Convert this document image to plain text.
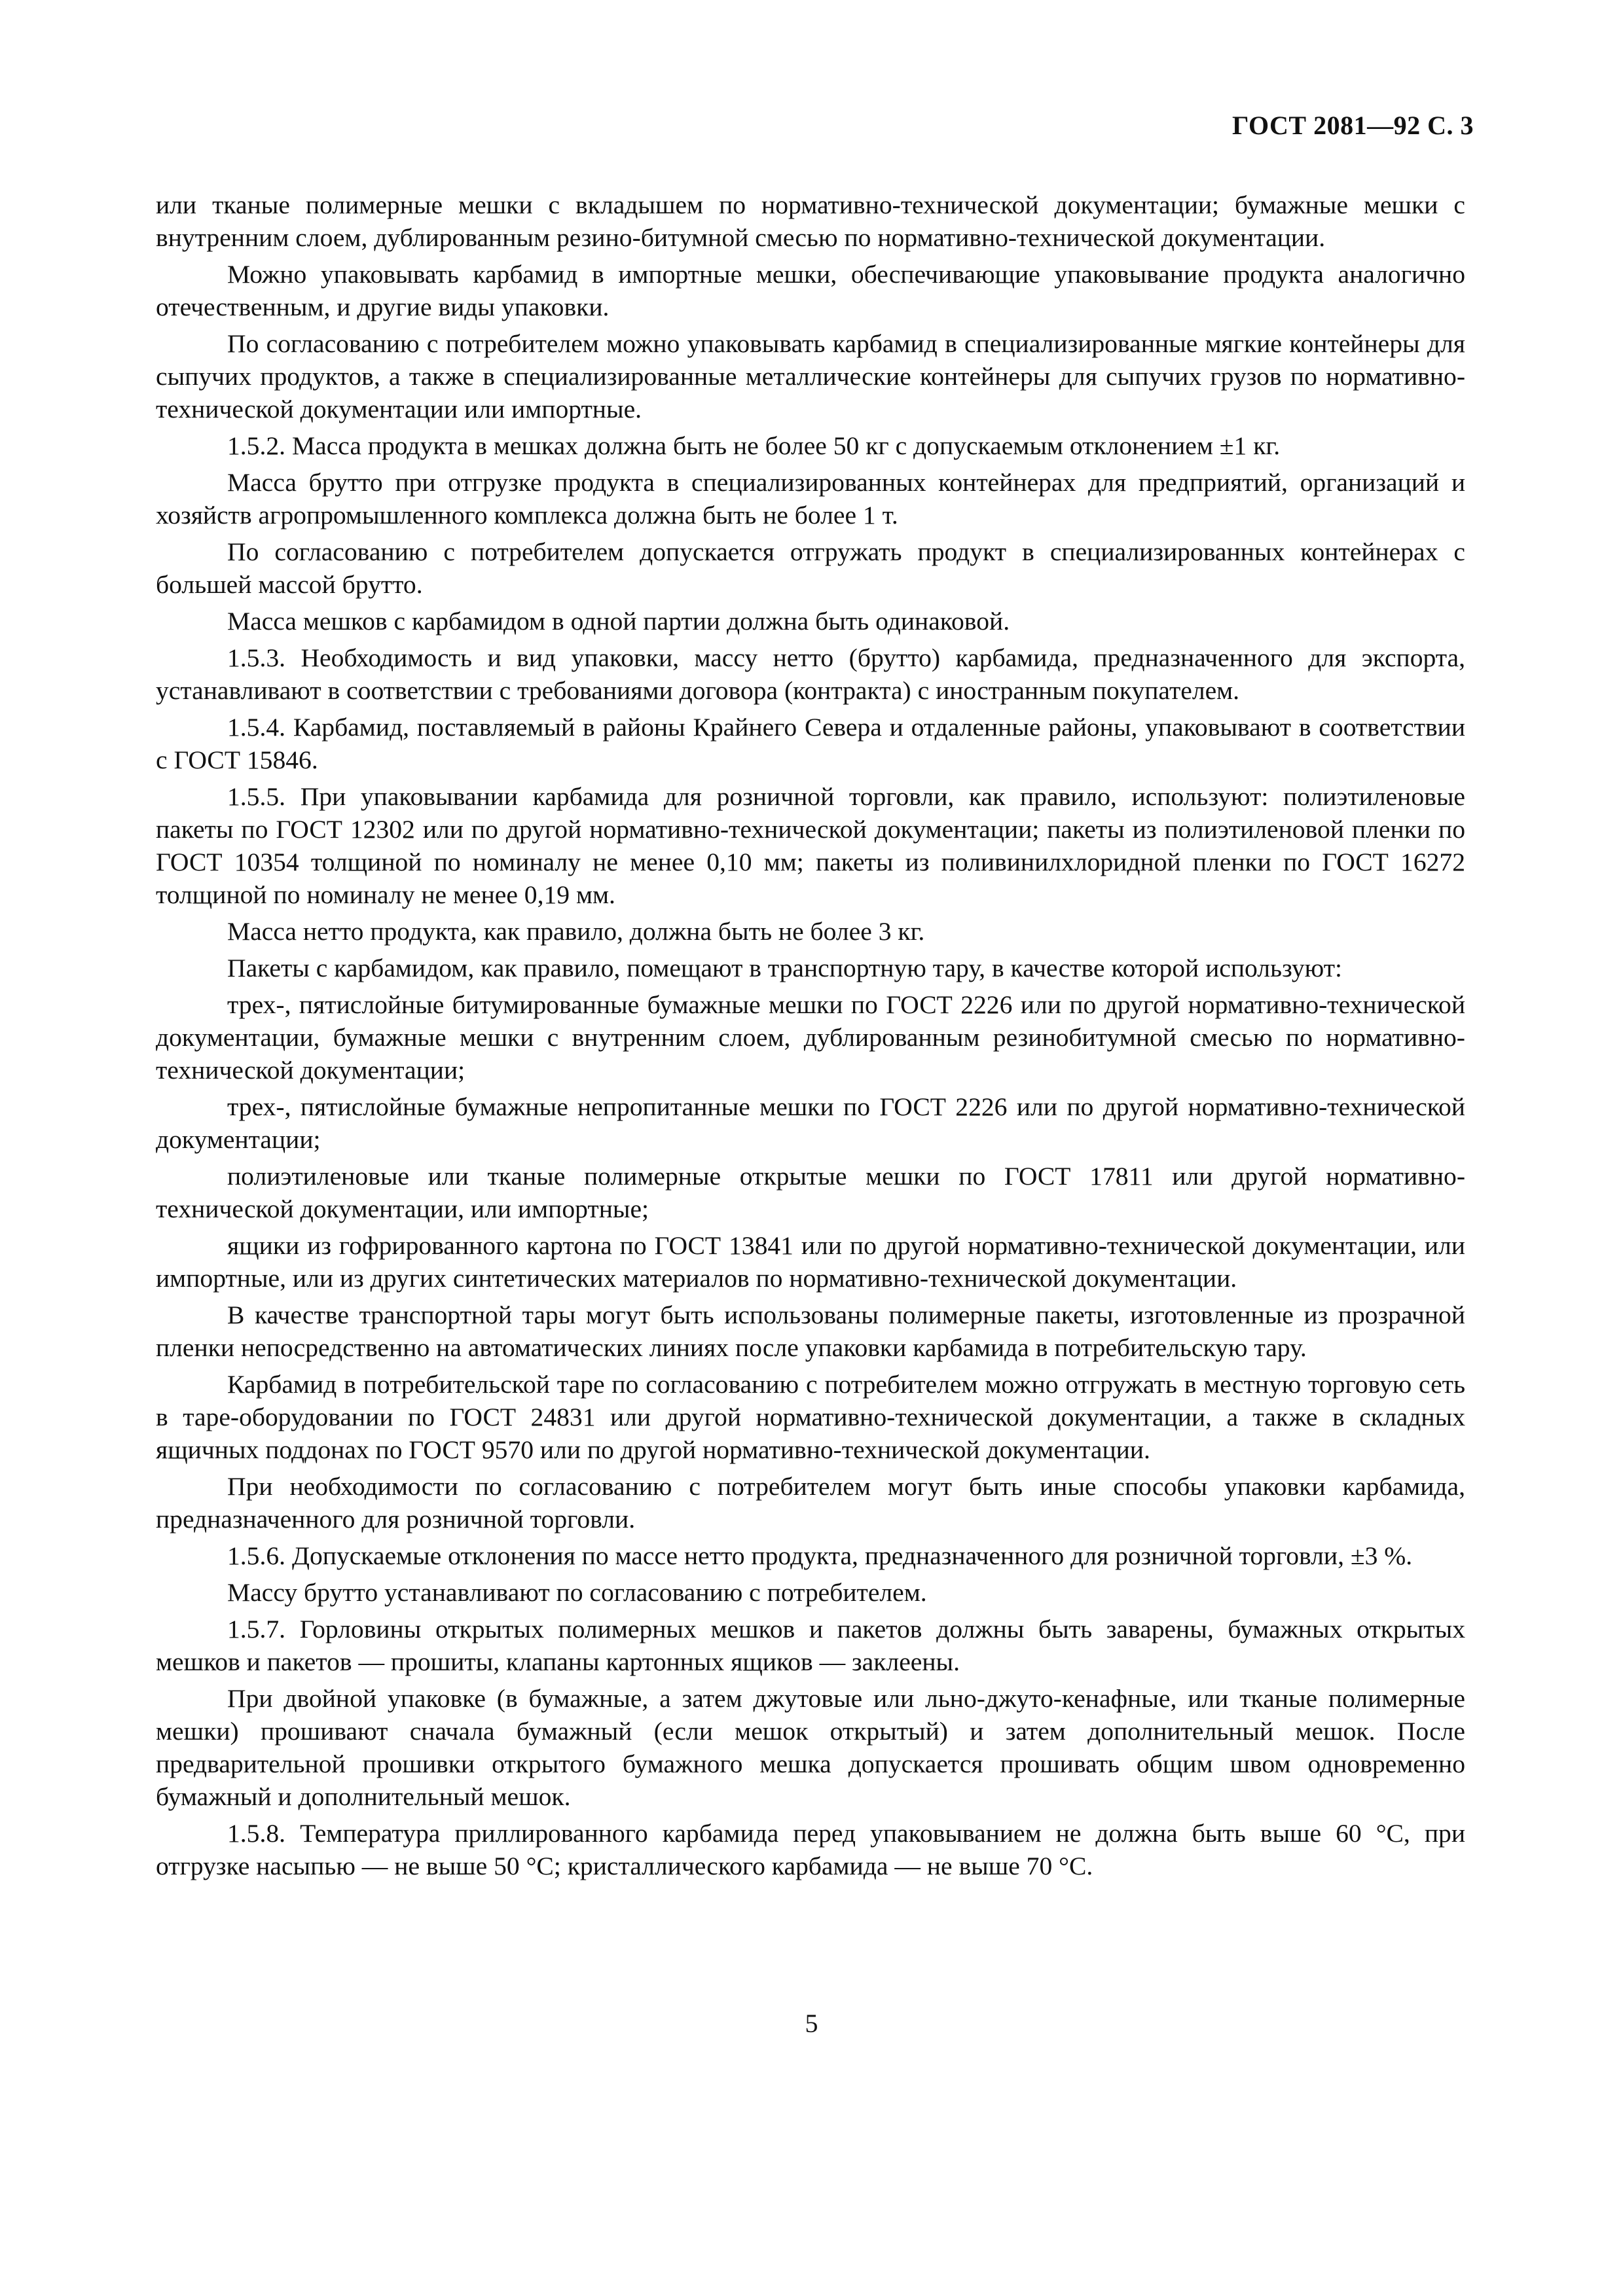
ГОСТ 2081—92 С. 3

или тканые полимерные мешки с вкладышем по нормативно-технической документации; бумажные мешки с внутренним слоем, дублированным резино-битумной смесью по нормативно-технической документации.

Можно упаковывать карбамид в импортные мешки, обеспечивающие упаковывание продукта аналогично отечественным, и другие виды упаковки.

По согласованию с потребителем можно упаковывать карбамид в специализированные мягкие контейнеры для сыпучих продуктов, а также в специализированные металлические контейнеры для сыпучих грузов по нормативно-технической документации или импортные.

1.5.2. Масса продукта в мешках должна быть не более 50 кг с допускаемым отклонением ±1 кг.

Масса брутто при отгрузке продукта в специализированных контейнерах для предприятий, организаций и хозяйств агропромышленного комплекса должна быть не более 1 т.

По согласованию с потребителем допускается отгружать продукт в специализированных контейнерах с большей массой брутто.

Масса мешков с карбамидом в одной партии должна быть одинаковой.

1.5.3. Необходимость и вид упаковки, массу нетто (брутто) карбамида, предназначенного для экспорта, устанавливают в соответствии с требованиями договора (контракта) с иностранным покупателем.

1.5.4. Карбамид, поставляемый в районы Крайнего Севера и отдаленные районы, упаковывают в соответствии с ГОСТ 15846.

1.5.5. При упаковывании карбамида для розничной торговли, как правило, используют: полиэтиленовые пакеты по ГОСТ 12302 или по другой нормативно-технической документации; пакеты из полиэтиленовой пленки по ГОСТ 10354 толщиной по номиналу не менее 0,10 мм; пакеты из поливинилхлоридной пленки по ГОСТ 16272 толщиной по номиналу не менее 0,19 мм.

Масса нетто продукта, как правило, должна быть не более 3 кг.

Пакеты с карбамидом, как правило, помещают в транспортную тару, в качестве которой используют:

трех-, пятислойные битумированные бумажные мешки по ГОСТ 2226 или по другой нормативно-технической документации, бумажные мешки с внутренним слоем, дублированным резинобитумной смесью по нормативно-технической документации;

трех-, пятислойные бумажные непропитанные мешки по ГОСТ 2226 или по другой нормативно-технической документации;

полиэтиленовые или тканые полимерные открытые мешки по ГОСТ 17811 или другой нормативно-технической документации, или импортные;

ящики из гофрированного картона по ГОСТ 13841 или по другой нормативно-технической документации, или импортные, или из других синтетических материалов по нормативно-технической документации.

В качестве транспортной тары могут быть использованы полимерные пакеты, изготовленные из прозрачной пленки непосредственно на автоматических линиях после упаковки карбамида в потребительскую тару.

Карбамид в потребительской таре по согласованию с потребителем можно отгружать в местную торговую сеть в таре-оборудовании по ГОСТ 24831 или другой нормативно-технической документации, а также в складных ящичных поддонах по ГОСТ 9570 или по другой нормативно-технической документации.

При необходимости по согласованию с потребителем могут быть иные способы упаковки карбамида, предназначенного для розничной торговли.

1.5.6. Допускаемые отклонения по массе нетто продукта, предназначенного для розничной торговли, ±3 %.

Массу брутто устанавливают по согласованию с потребителем.

1.5.7. Горловины открытых полимерных мешков и пакетов должны быть заварены, бумажных открытых мешков и пакетов — прошиты, клапаны картонных ящиков — заклеены.

При двойной упаковке (в бумажные, а затем джутовые или льно-джуто-кенафные, или тканые полимерные мешки) прошивают сначала бумажный (если мешок открытый) и затем дополнительный мешок. После предварительной прошивки открытого бумажного мешка допускается прошивать общим швом одновременно бумажный и дополнительный мешок.

1.5.8. Температура приллированного карбамида перед упаковыванием не должна быть выше 60 °С, при отгрузке насыпью — не выше 50 °С; кристаллического карбамида — не выше 70 °С.

5
